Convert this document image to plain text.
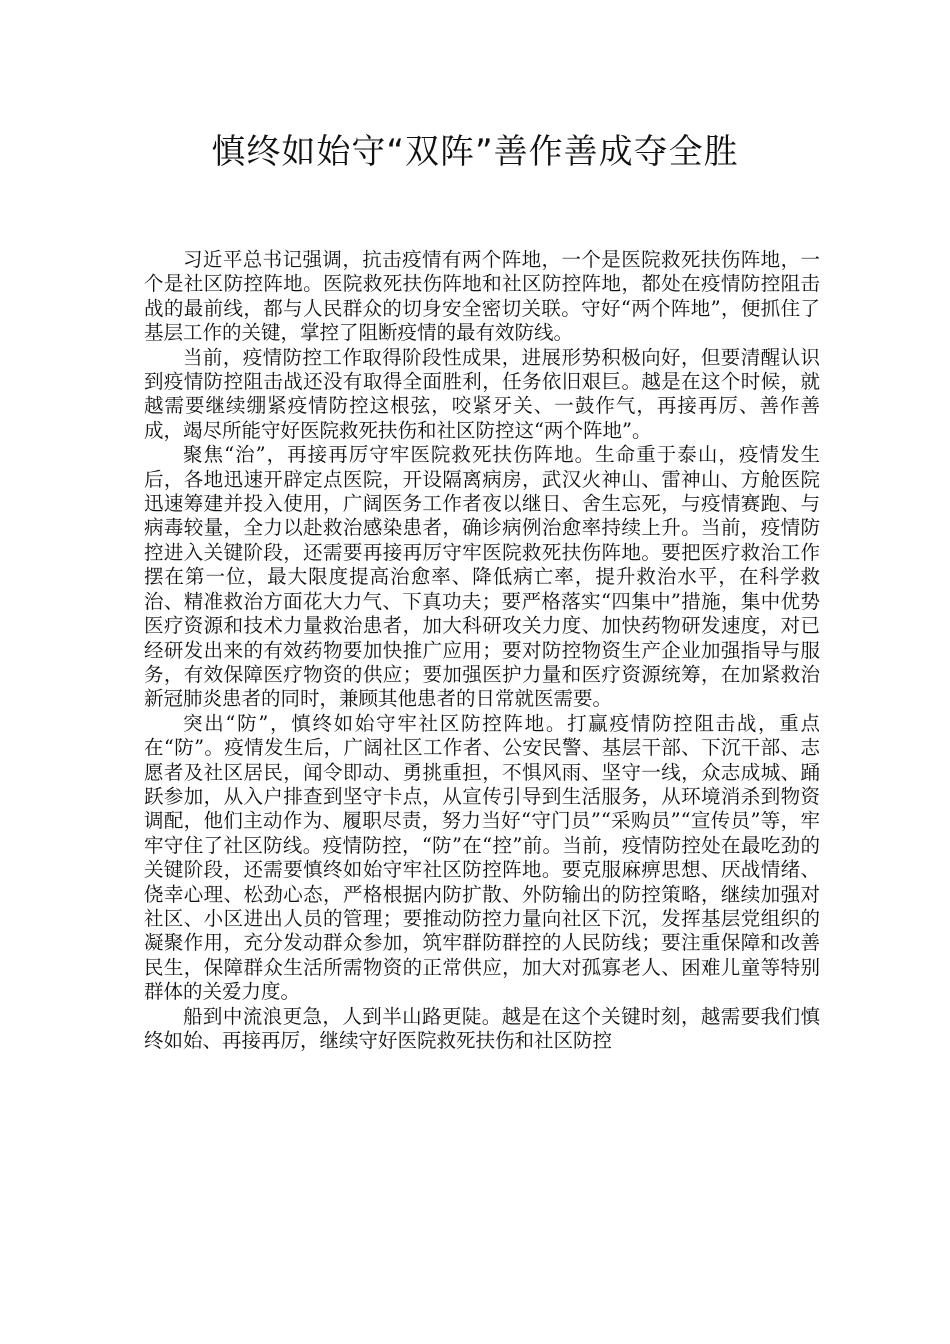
慎终如始守“双阵”善作善成夺全胜

习近平总书记强调，抗击疫情有两个阵地，一个是医院救死扶伤阵地，一个是社区防控阵地。医院救死扶伤阵地和社区防控阵地，都处在疫情防控阻击战的最前线，都与人民群众的切身安全密切关联。守好“两个阵地”，便抓住了基层工作的关键，掌控了阻断疫情的最有效防线。

当前，疫情防控工作取得阶段性成果，进展形势积极向好，但要清醒认识到疫情防控阻击战还没有取得全面胜利，任务依旧艰巨。越是在这个时候，就越需要继续绷紧疫情防控这根弦，咬紧牙关、一鼓作气，再接再厉、善作善成，竭尽所能守好医院救死扶伤和社区防控这“两个阵地”。

聚焦“治”，再接再厉守牢医院救死扶伤阵地。生命重于泰山，疫情发生后，各地迅速开辟定点医院，开设隔离病房，武汉火神山、雷神山、方舱医院迅速筹建并投入使用，广阔医务工作者夜以继日、舍生忘死，与疫情赛跑、与病毒较量，全力以赴救治感染患者，确诊病例治愈率持续上升。当前，疫情防控进入关键阶段，还需要再接再厉守牢医院救死扶伤阵地。要把医疗救治工作摆在第一位，最大限度提高治愈率、降低病亡率，提升救治水平，在科学救治、精准救治方面花大力气、下真功夫；要严格落实“四集中”措施，集中优势医疗资源和技术力量救治患者，加大科研攻关力度、加快药物研发速度，对已经研发出来的有效药物要加快推广应用；要对防控物资生产企业加强指导与服务，有效保障医疗物资的供应；要加强医护力量和医疗资源统筹，在加紧救治新冠肺炎患者的同时，兼顾其他患者的日常就医需要。

突出“防”，慎终如始守牢社区防控阵地。打赢疫情防控阻击战，重点在“防”。疫情发生后，广阔社区工作者、公安民警、基层干部、下沉干部、志愿者及社区居民，闻令即动、勇挑重担，不惧风雨、坚守一线，众志成城、踊跃参加，从入户排查到坚守卡点，从宣传引导到生活服务，从环境消杀到物资调配，他们主动作为、履职尽责，努力当好“守门员”“采购员”“宣传员”等，牢牢守住了社区防线。疫情防控，“防”在“控”前。当前，疫情防控处在最吃劲的关键阶段，还需要慎终如始守牢社区防控阵地。要克服麻痹思想、厌战情绪、侥幸心理、松劲心态，严格根据内防扩散、外防输出的防控策略，继续加强对社区、小区进出人员的管理；要推动防控力量向社区下沉，发挥基层党组织的凝聚作用，充分发动群众参加，筑牢群防群控的人民防线；要注重保障和改善民生，保障群众生活所需物资的正常供应，加大对孤寡老人、困难儿童等特别群体的关爱力度。

船到中流浪更急，人到半山路更陡。越是在这个关键时刻，越需要我们慎终如始、再接再厉，继续守好医院救死扶伤和社区防控
